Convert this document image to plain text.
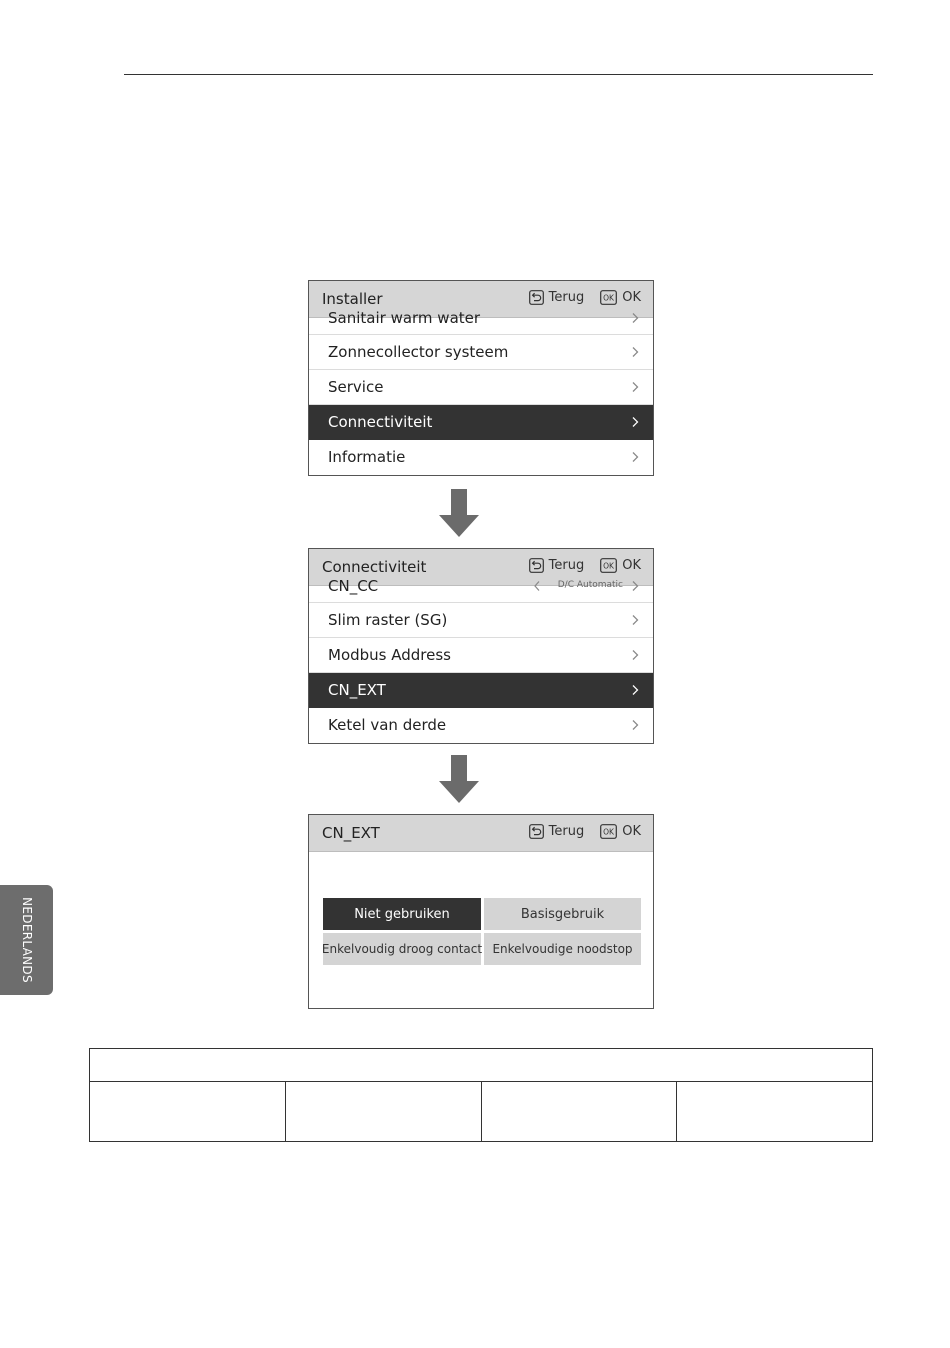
Installer	Terug	OK OK
Sanitair warm water
Zonnecollector systeem
Service
Connectiviteit
Informatie
Connectiviteit	Terug	OK OK
CN_CC	D/C Automatic
Slim raster (SG)
Modbus Address
CN_EXT
Ketel van derde
CN_EXT	Terug	OK OK
Niet gebruiken	Basisgebruik
Enkelvoudig droog contact Enkelvoudige noodstop
NEDERLANDS
